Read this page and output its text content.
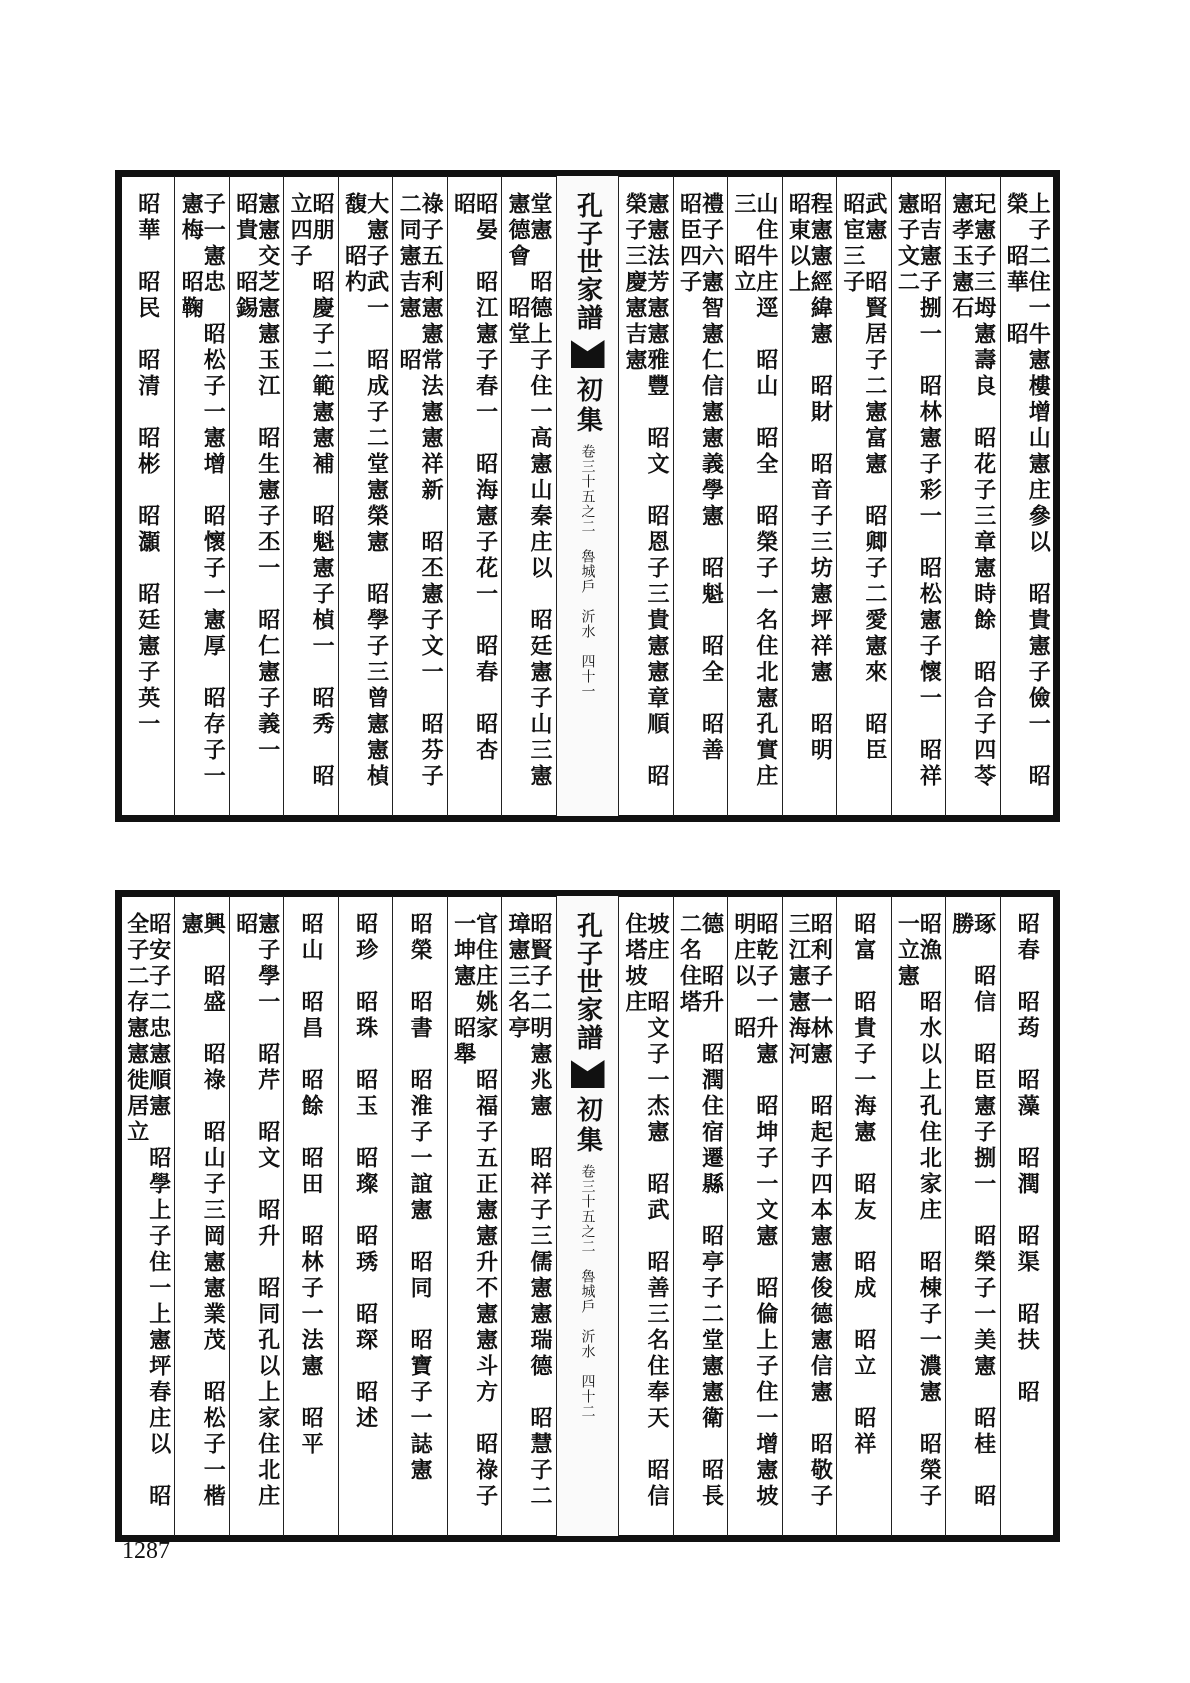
上子二住一牛憲樓增山憲庄參以　昭貴憲子儉一　昭榮　昭華　昭
玘憲子三坶憲壽良　昭花子三章憲時餘　昭合子四苓憲孝玉憲石
昭吉憲子捌一　昭林憲子彩一　昭松憲子懷一　昭祥憲子文二
武憲　昭賢居子二憲富憲　昭卿子二愛憲來　昭臣　昭宦三子
程憲憲經緯憲　昭財　昭音子三坊憲坪祥憲　昭明　昭東以上
山住牛庄逕　昭山　昭全　昭榮子一名住北憲孔實庄三　昭立
禮子六憲智憲仁信憲憲義學憲　昭魁　昭全　昭善　昭臣四子
憲憲法芳憲憲雅豐　昭文　昭恩子三貴憲憲章順　昭榮子三慶憲吉憲
孔子世家譜
初集
卷三十五之二　魯城戶　沂水　四十一
堂憲　昭德上子住一高憲山秦庄以　昭廷憲子山三憲憲德會　昭堂
昭晏　昭江憲子春一　昭海憲子花一　昭春　昭杏　昭
祿子五利憲憲常法憲憲祥新　昭丕憲子文一　昭芬子二同憲吉憲　昭
大憲子武一　昭成子二堂憲榮憲　昭學子三曾憲憲楨馥　昭杓
昭朋　昭慶子二範憲憲補　昭魁憲子楨一　昭秀　昭立四子
憲憲交芝憲憲玉江　昭生憲子丕一　昭仁憲子義一　昭貴　昭錫
子一憲忠　昭松子一憲增　昭懷子一憲厚　昭存子一憲梅　昭鞠
昭華　昭民　昭清　昭彬　昭灝　昭廷憲子英一
昭春　昭荺　昭藻　昭潤　昭渠　昭扶　昭
琢　昭信　昭臣憲子捌一　昭榮子一美憲　昭桂　昭勝
昭漁　昭水以上孔住北家庄　昭棟子一濃憲　昭榮子一立憲
昭富　昭貴子一海憲　昭友　昭成　昭立　昭祥
昭利子一林憲　昭起子四本憲憲俊德憲信憲　昭敬子三江憲憲海河
昭乾子一升憲　昭坤子一文憲　昭倫上子住一增憲坡明庄以　昭
德　昭升　昭潤住宿遷縣　昭亭子二堂憲憲衛　昭長二名住塔
坡庄　昭文子一杰憲　昭武　昭善三名住奉天　昭信住塔坡庄
孔子世家譜
初集
卷三十五之二　魯城戶　沂水　四十二
昭賢子二明憲兆憲　昭祥子三儒憲憲瑞德　昭慧子二璋憲三名亭
官住庄姚家　昭福子五正憲憲升不憲憲斗方　昭祿子一坤憲　昭舉
昭榮　昭書　昭淮子一誼憲　昭同　昭寶子一誌憲
昭珍　昭珠　昭玉　昭璨　昭琇　昭琛　昭述
昭山　昭昌　昭餘　昭田　昭林子一法憲　昭平
憲子學一　昭芹　昭文　昭升　昭同孔以上家住北庄　昭
興　昭盛　昭祿　昭山子三岡憲憲業茂　昭松子一楷憲
昭安子二忠憲順憲　昭學上子住一上憲坪春庄以　昭全子二存憲憲徙居立
1287
